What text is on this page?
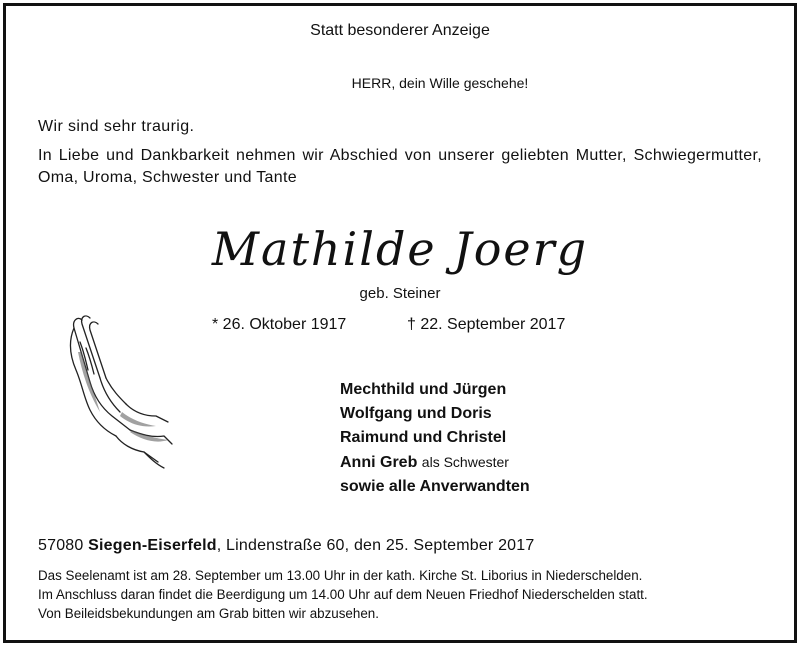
Statt besonderer Anzeige
HERR, dein Wille geschehe!
Wir sind sehr traurig.
In Liebe und Dankbarkeit nehmen wir Abschied von unserer geliebten Mutter, Schwiegermutter, Oma, Uroma, Schwester und Tante
Mathilde Joerg
geb. Steiner
* 26. Oktober 1917	† 22. September 2017
Mechthild und Jürgen
Wolfgang und Doris
Raimund und Christel
Anni Greb als Schwester
sowie alle Anverwandten
57080 Siegen-Eiserfeld, Lindenstraße 60, den 25. September 2017

Das Seelenamt ist am 28. September um 13.00 Uhr in der kath. Kirche St. Liborius in Niederschelden.

Im Anschluss daran findet die Beerdigung um 14.00 Uhr auf dem Neuen Friedhof Niederschelden statt.

Von Beileidsbekundungen am Grab bitten wir abzusehen.
